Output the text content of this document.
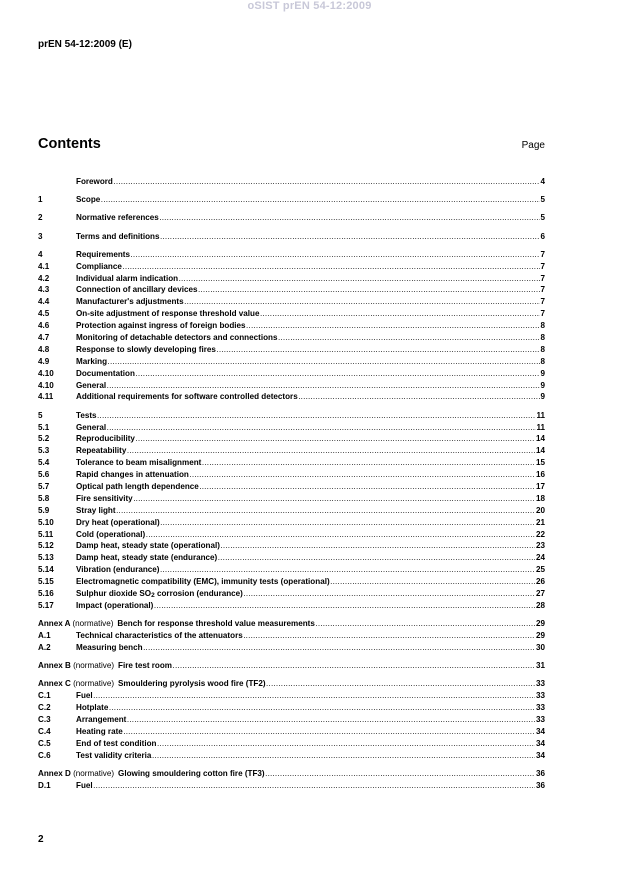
oSIST prEN 54-12:2009
prEN 54-12:2009 (E)
Contents	Page
Foreword .....	4
1	Scope .....	5
2	Normative references .....	5
3	Terms and definitions .....	6
4	Requirements .....	7
4.1	Compliance .....	7
4.2	Individual alarm indication .....	7
4.3	Connection of ancillary devices .....	7
4.4	Manufacturer's adjustments .....	7
4.5	On-site adjustment of response threshold value .....	7
4.6	Protection against ingress of foreign bodies .....	8
4.7	Monitoring of detachable detectors and connections .....	8
4.8	Response to slowly developing fires .....	8
4.9	Marking .....	8
4.10	Documentation .....	9
4.10	General .....	9
4.11	Additional requirements for software controlled detectors .....	9
5	Tests .....	11
5.1	General .....	11
5.2	Reproducibility .....	14
5.3	Repeatability .....	14
5.4	Tolerance to beam misalignment .....	15
5.6	Rapid changes in attenuation .....	16
5.7	Optical path length dependence .....	17
5.8	Fire sensitivity .....	18
5.9	Stray light .....	20
5.10	Dry heat (operational) .....	21
5.11	Cold (operational) .....	22
5.12	Damp heat, steady state (operational) .....	23
5.13	Damp heat, steady state (endurance) .....	24
5.14	Vibration (endurance) .....	25
5.15	Electromagnetic compatibility (EMC), immunity tests (operational) .....	26
5.16	Sulphur dioxide $SO_2$ corrosion (endurance) .....	27
5.17	Impact (operational) .....	28
Annex A (normative) Bench for response threshold value measurements .....	29
A.1	Technical characteristics of the attenuators .....	29
A.2	Measuring bench .....	30
Annex B (normative) Fire test room .....	31
Annex C (normative) Smouldering pyrolysis wood fire (TF2) .....	33
C.1	Fuel .....	33
C.2	Hotplate .....	33
C.3	Arrangement .....	33
C.4	Heating rate .....	34
C.5	End of test condition .....	34
C.6	Test validity criteria .....	34
Annex D (normative) Glowing smouldering cotton fire (TF3) .....	36
D.1	Fuel .....	36
2
